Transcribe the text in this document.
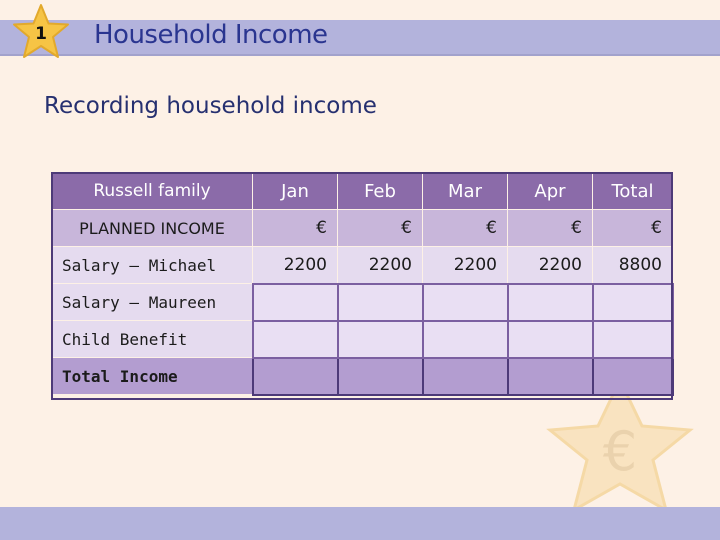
1	Household Income
Recording household income
€
Russell family	Jan	Feb	Mar	Apr	Total
PLANNED INCOME	€	€	€	€	€
Salary – Michael	2200	2200	2200	2200	8800
Salary – Maureen					
Child Benefit					
Total Income					
